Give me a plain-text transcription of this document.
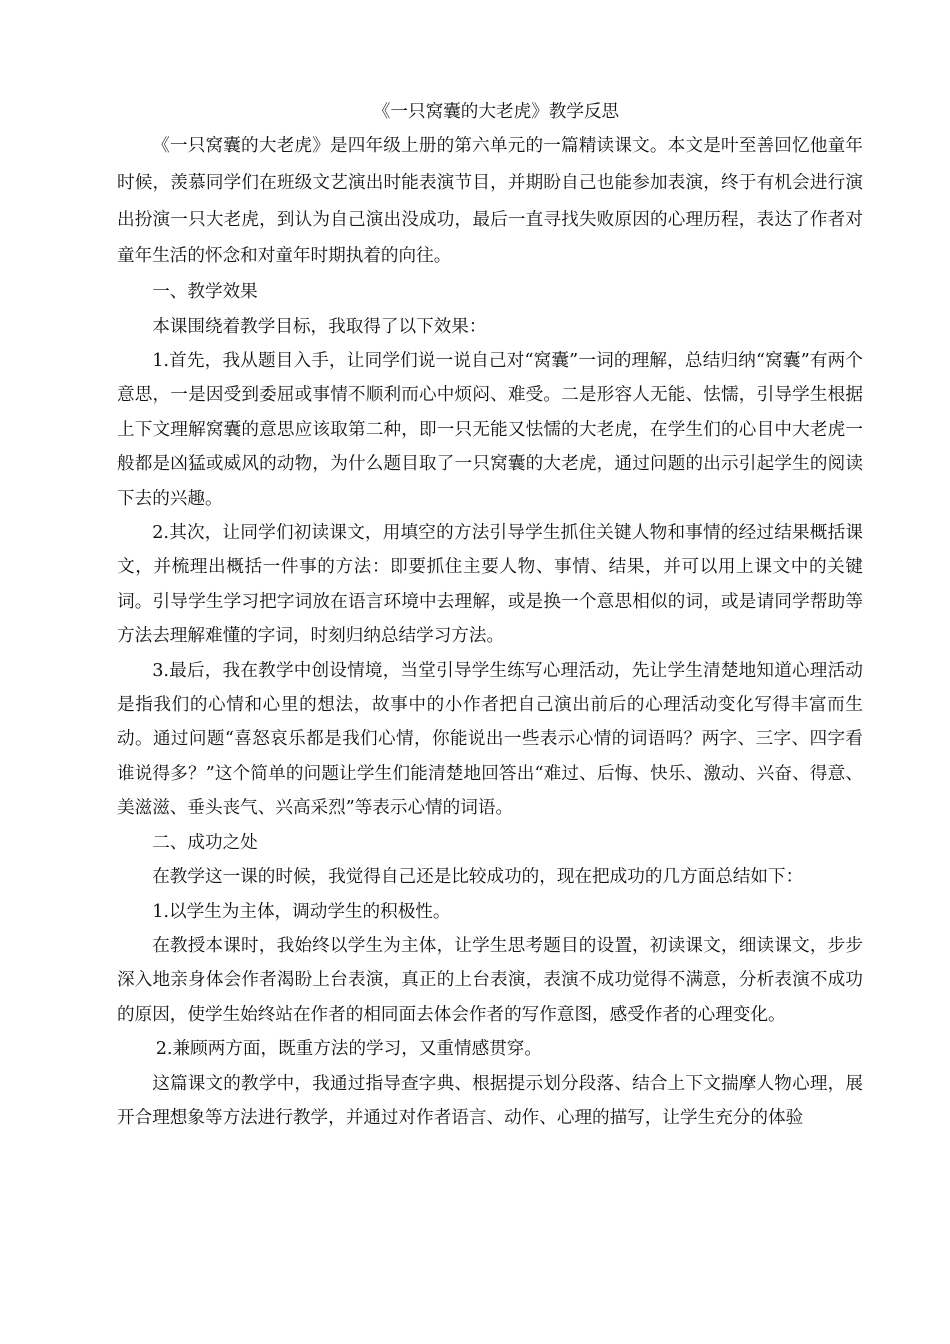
《一只窝囊的大老虎》教学反思

《一只窝囊的大老虎》是四年级上册的第六单元的一篇精读课文。本文是叶至善回忆他童年时候，羡慕同学们在班级文艺演出时能表演节目，并期盼自己也能参加表演，终于有机会进行演出扮演一只大老虎，到认为自己演出没成功，最后一直寻找失败原因的心理历程，表达了作者对童年生活的怀念和对童年时期执着的向往。

一、教学效果

本课围绕着教学目标，我取得了以下效果：

1.首先，我从题目入手，让同学们说一说自己对“窝囊”一词的理解，总结归纳“窝囊”有两个意思，一是因受到委屈或事情不顺利而心中烦闷、难受。二是形容人无能、怯懦，引导学生根据上下文理解窝囊的意思应该取第二种，即一只无能又怯懦的大老虎，在学生们的心目中大老虎一般都是凶猛或威风的动物，为什么题目取了一只窝囊的大老虎，通过问题的出示引起学生的阅读下去的兴趣。

2.其次，让同学们初读课文，用填空的方法引导学生抓住关键人物和事情的经过结果概括课文，并梳理出概括一件事的方法：即要抓住主要人物、事情、结果，并可以用上课文中的关键词。引导学生学习把字词放在语言环境中去理解，或是换一个意思相似的词，或是请同学帮助等方法去理解难懂的字词，时刻归纳总结学习方法。

3.最后，我在教学中创设情境，当堂引导学生练写心理活动，先让学生清楚地知道心理活动是指我们的心情和心里的想法，故事中的小作者把自己演出前后的心理活动变化写得丰富而生动。通过问题“喜怒哀乐都是我们心情，你能说出一些表示心情的词语吗？两字、三字、四字看谁说得多？”这个简单的问题让学生们能清楚地回答出“难过、后悔、快乐、激动、兴奋、得意、美滋滋、垂头丧气、兴高采烈”等表示心情的词语。

二、成功之处

在教学这一课的时候，我觉得自己还是比较成功的，现在把成功的几方面总结如下：

1.以学生为主体，调动学生的积极性。

在教授本课时，我始终以学生为主体，让学生思考题目的设置，初读课文，细读课文，步步深入地亲身体会作者渴盼上台表演，真正的上台表演，表演不成功觉得不满意，分析表演不成功的原因，使学生始终站在作者的相同面去体会作者的写作意图，感受作者的心理变化。

2.兼顾两方面，既重方法的学习，又重情感贯穿。

这篇课文的教学中，我通过指导查字典、根据提示划分段落、结合上下文揣摩人物心理，展开合理想象等方法进行教学，并通过对作者语言、动作、心理的描写，让学生充分的体验
